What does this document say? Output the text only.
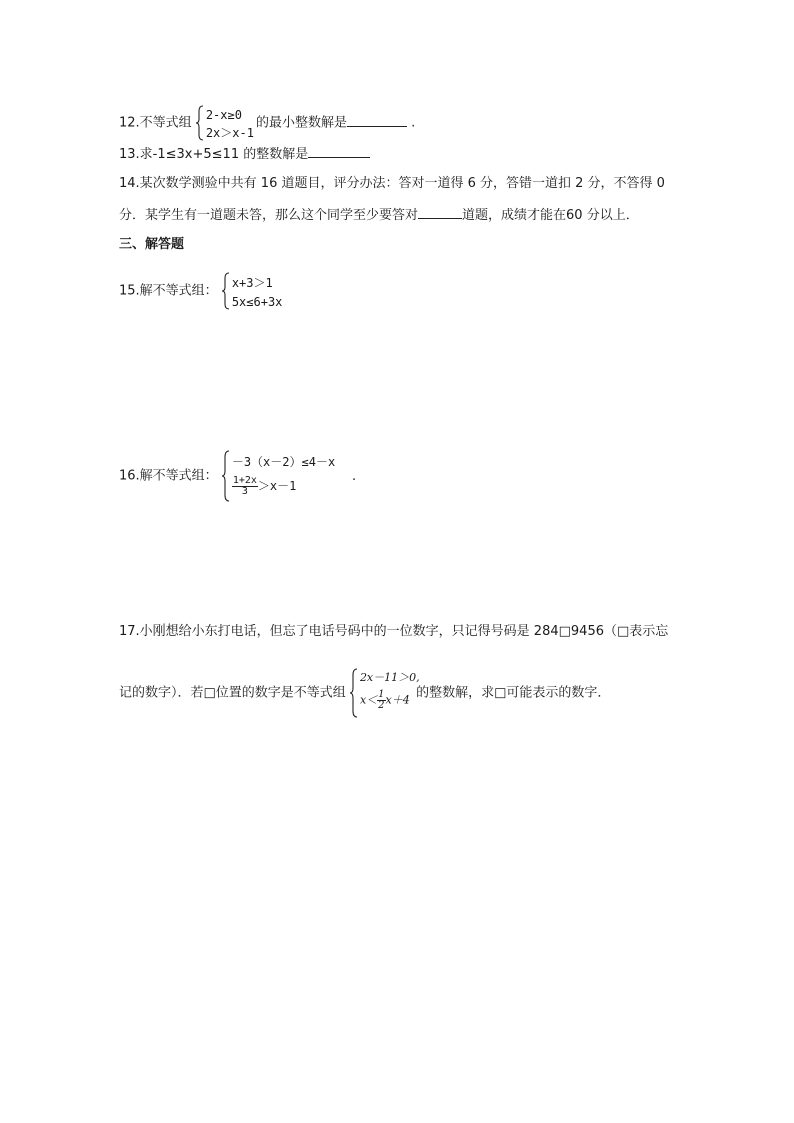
12.不等式组
2-x≥0
2x＞x-1
的最小整数解是	.
13.求-1≤3x+5≤11 的整数解是
14.某次数学测验中共有 16 道题目，评分办法：答对一道得 6 分，答错一道扣 2 分，不答得 0
分．某学生有一道题未答，那么这个同学至少要答对	道题，成绩才能在60 分以上．
三、解答题
15.解不等式组：
x+3＞1
5x≤6+3x
16.解不等式组：
－3（x－2）≤4－x
$\frac{1+2x}{3} >x-1$
.
17.小刚想给小东打电话，但忘了电话号码中的一位数字，只记得号码是 284□9456（□表示忘
记的数字）．若□位置的数字是不等式组
2x－11＞0,
$x< \frac{1}{2} x+4$ 的整数解，求□可能表示的数字．
